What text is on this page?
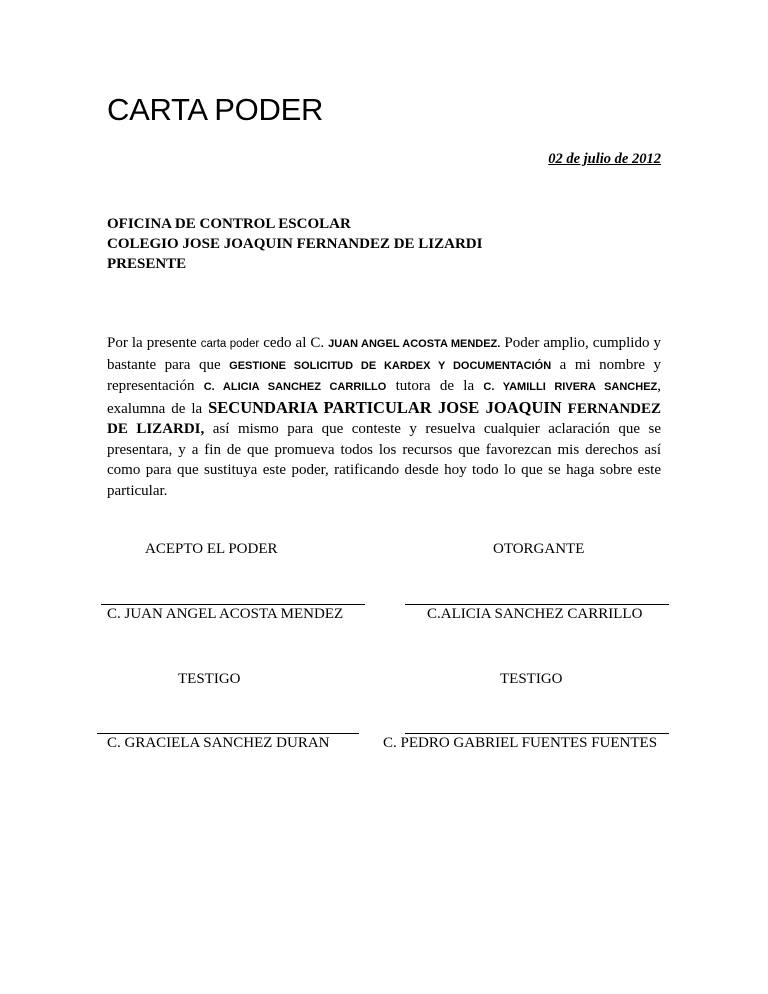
CARTA PODER
02 de julio de 2012
OFICINA DE CONTROL ESCOLAR
COLEGIO JOSE JOAQUIN FERNANDEZ DE LIZARDI
PRESENTE
Por la presente carta poder cedo al C. JUAN ANGEL ACOSTA MENDEZ. Poder amplio, cumplido y bastante para que GESTIONE SOLICITUD DE KARDEX Y DOCUMENTACIÓN a mi nombre y representación C. ALICIA SANCHEZ CARRILLO tutora de la C. YAMILLI RIVERA SANCHEZ, exalumna de la SECUNDARIA PARTICULAR JOSE JOAQUIN FERNANDEZ DE LIZARDI, así mismo para que conteste y resuelva cualquier aclaración que se presentara, y a fin de que promueva todos los recursos que favorezcan mis derechos así como para que sustituya este poder, ratificando desde hoy todo lo que se haga sobre este particular.
ACEPTO EL PODER	OTORGANTE
C. JUAN ANGEL ACOSTA MENDEZ	C.ALICIA SANCHEZ CARRILLO
TESTIGO	TESTIGO
C. GRACIELA SANCHEZ DURAN	C. PEDRO GABRIEL FUENTES FUENTES
